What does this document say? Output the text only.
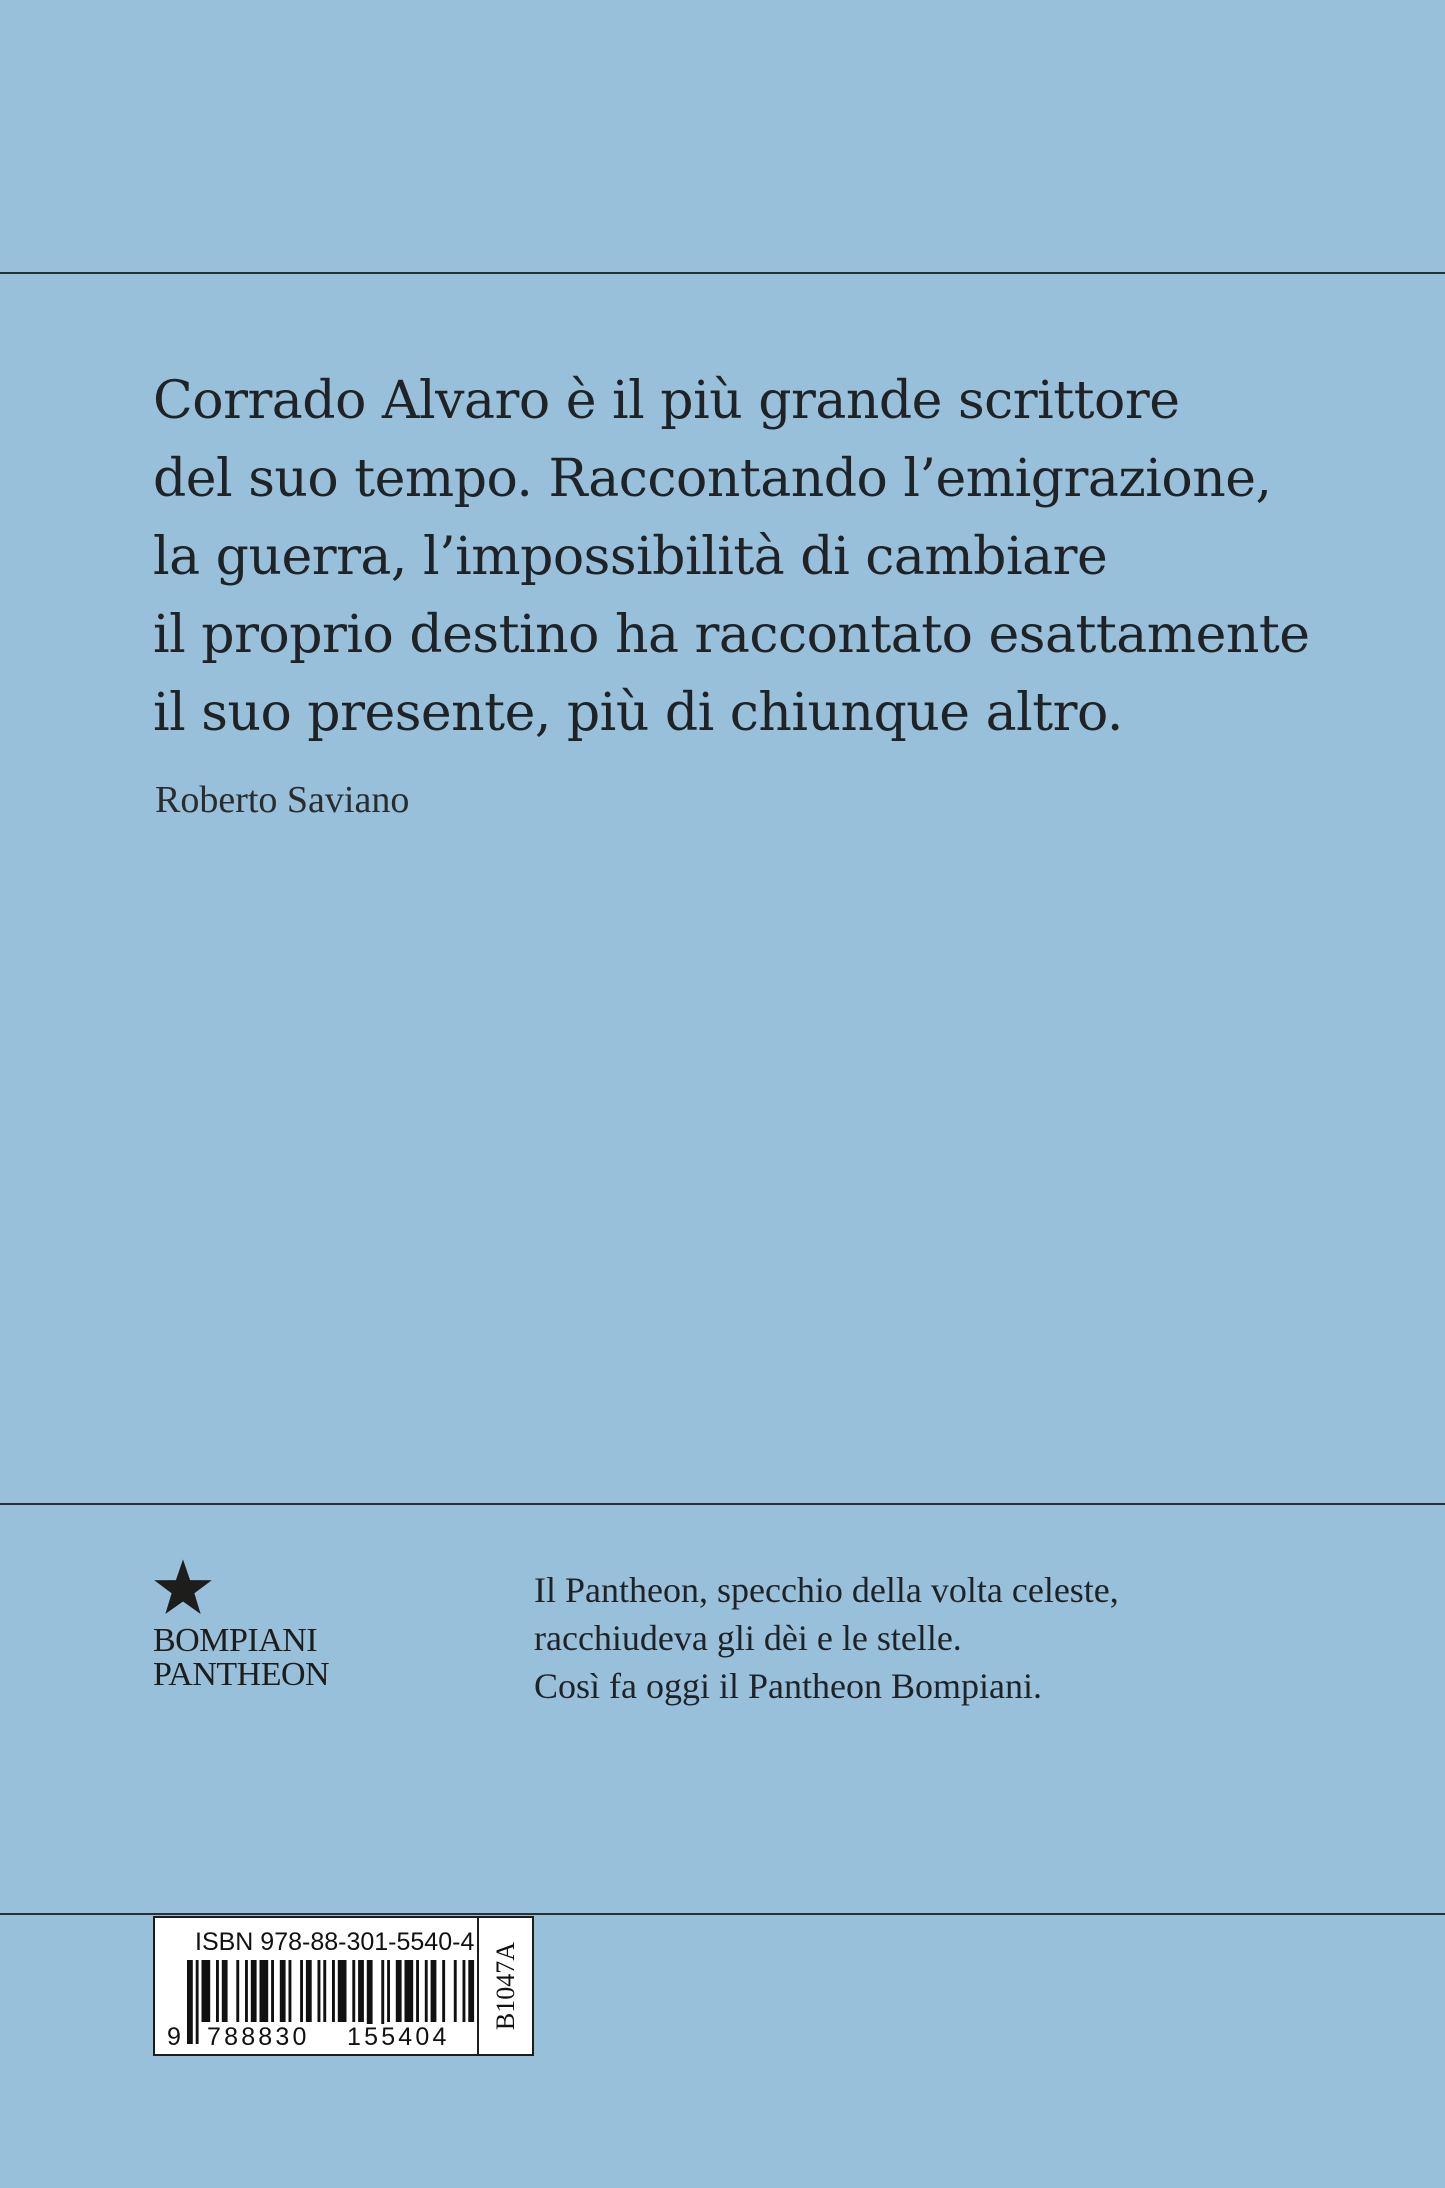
Corrado Alvaro è il più grande scrittore
del suo tempo. Raccontando l’emigrazione,
la guerra, l’impossibilità di cambiare
il proprio destino ha raccontato esattamente
il suo presente, più di chiunque altro.

Roberto Saviano
BOMPIANI
PANTHEON
Il Pantheon, specchio della volta celeste,
racchiudeva gli dèi e le stelle.
Così fa oggi il Pantheon Bompiani.
ISBN 978-88-301-5540-4
9 788830 155404
B1047A
